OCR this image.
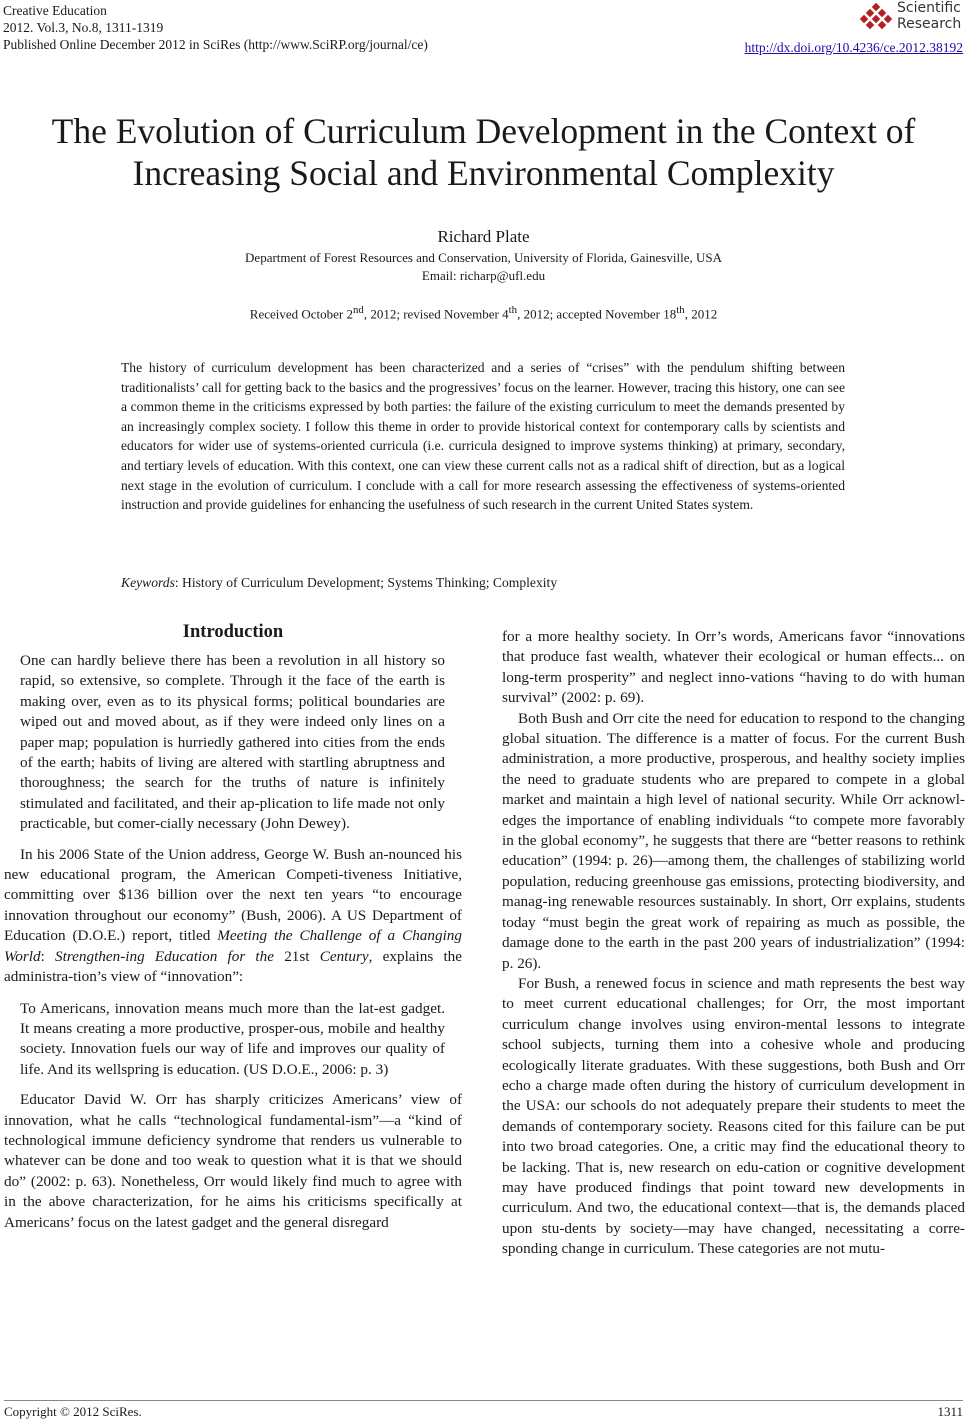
Creative Education
2012. Vol.3, No.8, 1311-1319
Published Online December 2012 in SciRes (http://www.SciRP.org/journal/ce)
Scientific
Research
http://dx.doi.org/10.4236/ce.2012.38192
The Evolution of Curriculum Development in the Context of
Increasing Social and Environmental Complexity
Richard Plate
Department of Forest Resources and Conservation, University of Florida, Gainesville, USA
Email: richarp@ufl.edu
Received October 2nd, 2012; revised November 4th, 2012; accepted November 18th, 2012
The history of curriculum development has been characterized and a series of “crises” with the pendulum shifting between traditionalists’ call for getting back to the basics and the progressives’ focus on the learner. However, tracing this history, one can see a common theme in the criticisms expressed by both parties: the failure of the existing curriculum to meet the demands presented by an increasingly complex society. I follow this theme in order to provide historical context for contemporary calls by scientists and educators for wider use of systems-oriented curricula (i.e. curricula designed to improve systems thinking) at primary, secondary, and tertiary levels of education. With this context, one can view these current calls not as a radical shift of direction, but as a logical next stage in the evolution of curriculum. I conclude with a call for more research assessing the effectiveness of systems-oriented instruction and provide guidelines for enhancing the usefulness of such research in the current United States system.
Keywords: History of Curriculum Development; Systems Thinking; Complexity
Introduction
One can hardly believe there has been a revolution in all history so rapid, so extensive, so complete. Through it the face of the earth is making over, even as to its physical forms; political boundaries are wiped out and moved about, as if they were indeed only lines on a paper map; population is hurriedly gathered into cities from the ends of the earth; habits of living are altered with startling abruptness and thoroughness; the search for the truths of nature is infinitely stimulated and facilitated, and their ap-plication to life made not only practicable, but comer-cially necessary (John Dewey).

In his 2006 State of the Union address, George W. Bush an-nounced his new educational program, the American Competi-tiveness Initiative, committing over $136 billion over the next ten years “to encourage innovation throughout our economy” (Bush, 2006). A US Department of Education (D.O.E.) report, titled Meeting the Challenge of a Changing World: Strengthen-ing Education for the 21st Century, explains the administra-tion’s view of “innovation”:

To Americans, innovation means much more than the lat-est gadget. It means creating a more productive, prosper-ous, mobile and healthy society. Innovation fuels our way of life and improves our quality of life. And its wellspring is education. (US D.O.E., 2006: p. 3)

Educator David W. Orr has sharply criticizes Americans’ view of innovation, what he calls “technological fundamental-ism”—a “kind of technological immune deficiency syndrome that renders us vulnerable to whatever can be done and too weak to question what it is that we should do” (2002: p. 63). Nonetheless, Orr would likely find much to agree with in the above characterization, for he aims his criticisms specifically at Americans’ focus on the latest gadget and the general disregard

for a more healthy society. In Orr’s words, Americans favor “innovations that produce fast wealth, whatever their ecological or human effects... on long-term prosperity” and neglect inno-vations “having to do with human survival” (2002: p. 69).

Both Bush and Orr cite the need for education to respond to the changing global situation. The difference is a matter of focus. For the current Bush administration, a more productive, prosperous, and healthy society implies the need to graduate students who are prepared to compete in a global market and maintain a high level of national security. While Orr acknowl-edges the importance of enabling individuals “to compete more favorably in the global economy”, he suggests that there are “better reasons to rethink education” (1994: p. 26)—among them, the challenges of stabilizing world population, reducing greenhouse gas emissions, protecting biodiversity, and manag-ing renewable resources sustainably. In short, Orr explains, students today “must begin the great work of repairing as much as possible, the damage done to the earth in the past 200 years of industrialization” (1994: p. 26).

For Bush, a renewed focus in science and math represents the best way to meet current educational challenges; for Orr, the most important curriculum change involves using environ-mental lessons to integrate school subjects, turning them into a cohesive whole and producing ecologically literate graduates. With these suggestions, both Bush and Orr echo a charge made often during the history of curriculum development in the USA: our schools do not adequately prepare their students to meet the demands of contemporary society. Reasons cited for this failure can be put into two broad categories. One, a critic may find the educational theory to be lacking. That is, new research on edu-cation or cognitive development may have produced findings that point toward new developments in curriculum. And two, the educational context—that is, the demands placed upon stu-dents by society—may have changed, necessitating a corre-sponding change in curriculum. These categories are not mutu-

Copyright © 2012 SciRes.	1311
